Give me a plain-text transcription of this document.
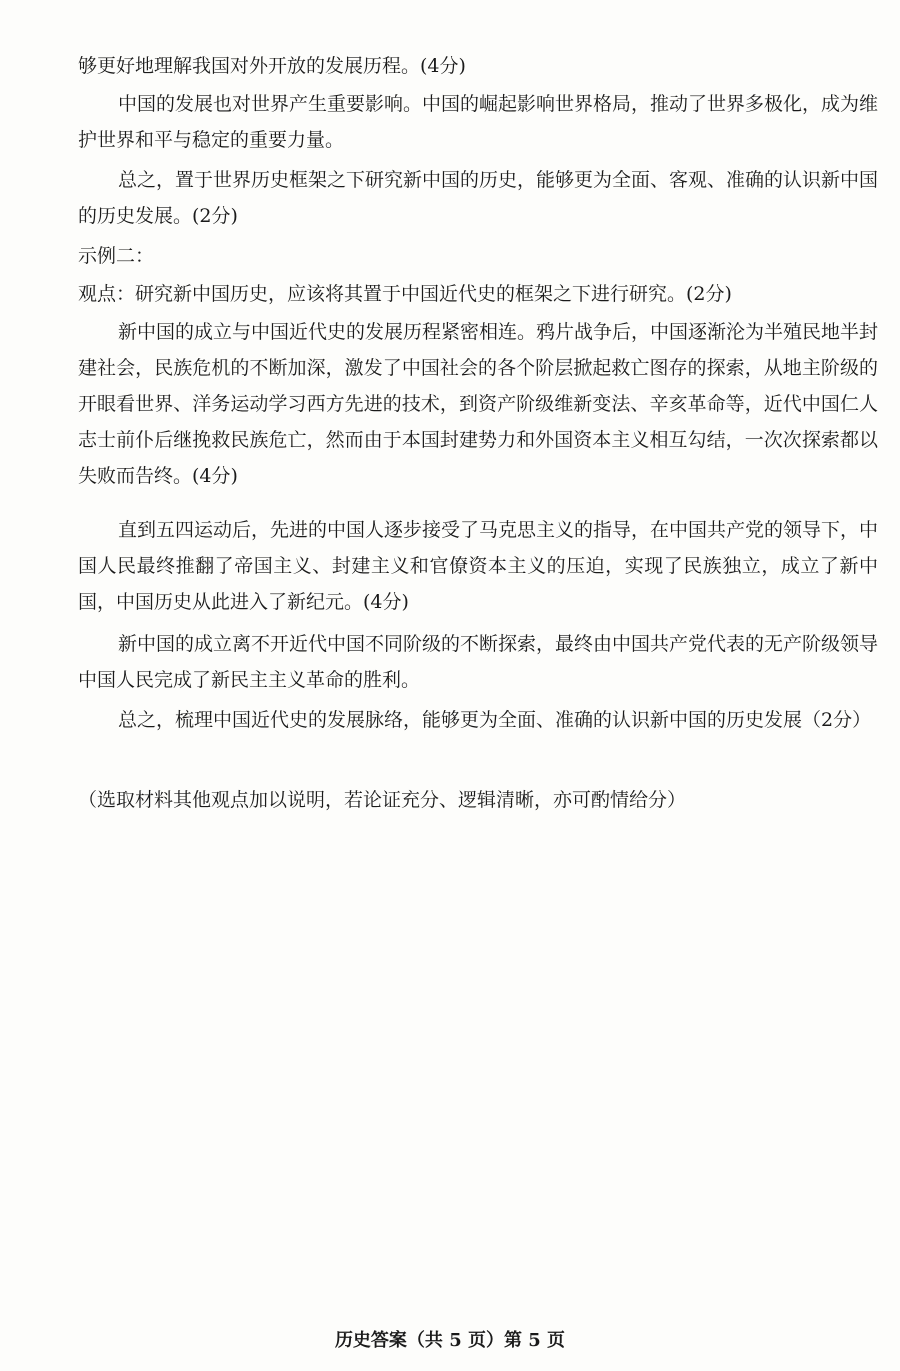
够更好地理解我国对外开放的发展历程。(4分)

中国的发展也对世界产生重要影响。中国的崛起影响世界格局，推动了世界多极化，成为维护世界和平与稳定的重要力量。

总之，置于世界历史框架之下研究新中国的历史，能够更为全面、客观、准确的认识新中国的历史发展。(2分)

示例二：

观点：研究新中国历史，应该将其置于中国近代史的框架之下进行研究。(2分)

新中国的成立与中国近代史的发展历程紧密相连。鸦片战争后，中国逐渐沦为半殖民地半封建社会，民族危机的不断加深，激发了中国社会的各个阶层掀起救亡图存的探索，从地主阶级的开眼看世界、洋务运动学习西方先进的技术，到资产阶级维新变法、辛亥革命等，近代中国仁人志士前仆后继挽救民族危亡，然而由于本国封建势力和外国资本主义相互勾结，一次次探索都以失败而告终。(4分)

直到五四运动后，先进的中国人逐步接受了马克思主义的指导，在中国共产党的领导下，中国人民最终推翻了帝国主义、封建主义和官僚资本主义的压迫，实现了民族独立，成立了新中国，中国历史从此进入了新纪元。(4分)

新中国的成立离不开近代中国不同阶级的不断探索，最终由中国共产党代表的无产阶级领导中国人民完成了新民主主义革命的胜利。

总之，梳理中国近代史的发展脉络，能够更为全面、准确的认识新中国的历史发展（2分）

（选取材料其他观点加以说明，若论证充分、逻辑清晰，亦可酌情给分）

历史答案（共 5 页）第 5 页
